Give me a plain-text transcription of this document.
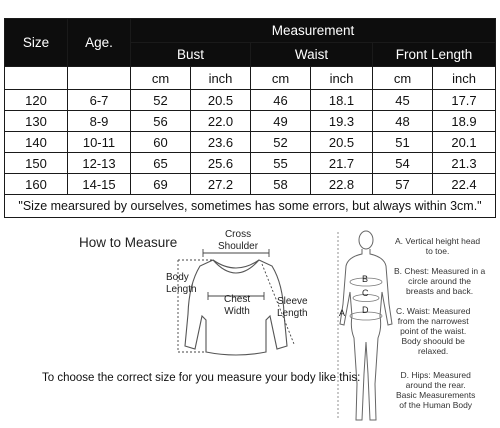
Size	Age.	Measurement					
		Bust		Waist		Front Length	
		cm	inch	cm	inch	cm	inch
120	6-7	52	20.5	46	18.1	45	17.7
130	8-9	56	22.0	49	19.3	48	18.9
140	10-11	60	23.6	52	20.5	51	20.1
150	12-13	65	25.6	55	21.7	54	21.3
160	14-15	69	27.2	58	22.8	57	22.4
"Size mearsured by ourselves, sometimes has some errors, but always within 3cm."							
How to Measure
Cross
Shoulder
Body
Length
Chest
Width
Sleeve
Length
To choose the correct size for you measure your body like this:
A
B
C
D
A. Vertical height head
to toe.
B. Chest: Measured in a
circle around the
breasts and back.
C. Waist: Measured
from the narrowest
point of the waist.
Body shoould be
relaxed.
D. Hips: Measured
around the rear.
Basic Measurements
of the Human Body
